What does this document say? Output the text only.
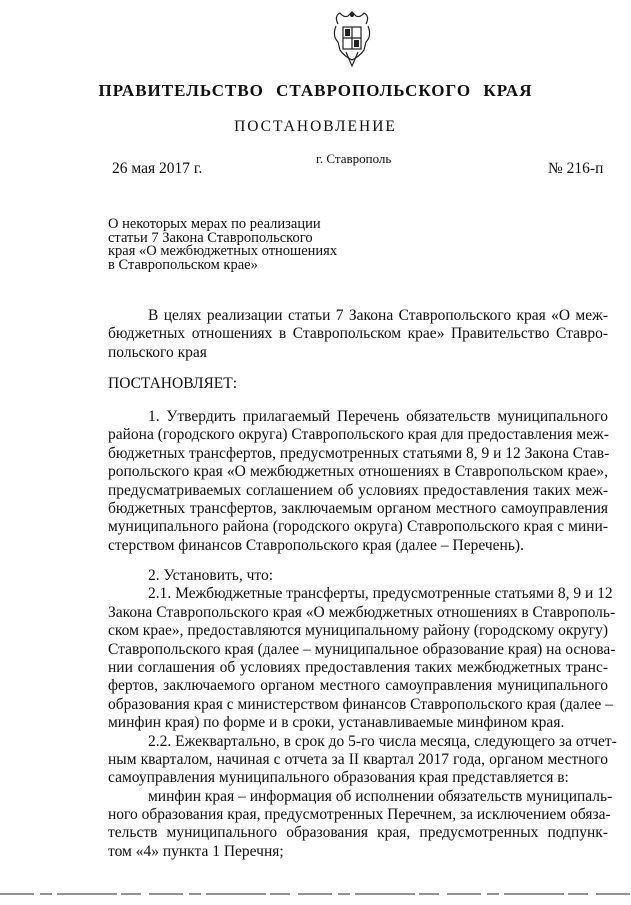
ПРАВИТЕЛЬСТВО СТАВРОПОЛЬСКОГО КРАЯ
ПОСТАНОВЛЕНИЕ
26 мая 2017 г.
г. Ставрополь
№ 216-п
О некоторых мерах по реализации
статьи 7 Закона Ставропольского
края «О межбюджетных отношениях
в Ставропольском крае»
В целях реализации статьи 7 Закона Ставропольского края «О меж-
бюджетных отношениях в Ставропольском крае» Правительство Ставро-
польского края
ПОСТАНОВЛЯЕТ:
1. Утвердить прилагаемый Перечень обязательств муниципального
района (городского округа) Ставропольского края для предоставления меж-
бюджетных трансфертов, предусмотренных статьями 8, 9 и 12 Закона Став-
ропольского края «О межбюджетных отношениях в Ставропольском крае»,
предусматриваемых соглашением об условиях предоставления таких меж-
бюджетных трансфертов, заключаемым органом местного самоуправления
муниципального района (городского округа) Ставропольского края с мини-
стерством финансов Ставропольского края (далее – Перечень).
2. Установить, что:
2.1. Межбюджетные трансферты, предусмотренные статьями 8, 9 и 12
Закона Ставропольского края «О межбюджетных отношениях в Ставрополь-
ском крае», предоставляются муниципальному району (городскому округу)
Ставропольского края (далее – муниципальное образование края) на основа-
нии соглашения об условиях предоставления таких межбюджетных транс-
фертов, заключаемого органом местного самоуправления муниципального
образования края с министерством финансов Ставропольского края (далее –
минфин края) по форме и в сроки, устанавливаемые минфином края.
2.2. Ежеквартально, в срок до 5-го числа месяца, следующего за отчет-
ным кварталом, начиная с отчета за II квартал 2017 года, органом местного
самоуправления муниципального образования края представляется в:
минфин края – информация об исполнении обязательств муниципаль-
ного образования края, предусмотренных Перечнем, за исключением обяза-
тельств муниципального образования края, предусмотренных подпунк-
том «4» пункта 1 Перечня;
